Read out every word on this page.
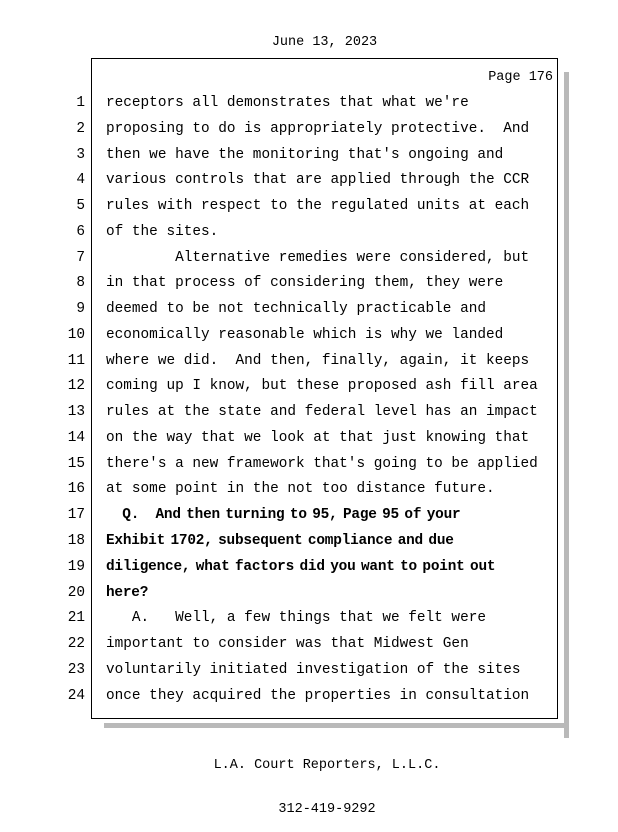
June 13, 2023
Page 176
1 receptors all demonstrates that what we're
2 proposing to do is appropriately protective.  And
3 then we have the monitoring that's ongoing and
4 various controls that are applied through the CCR
5 rules with respect to the regulated units at each
6 of the sites.
7 Alternative remedies were considered, but
8 in that process of considering them, they were
9 deemed to be not technically practicable and
10 economically reasonable which is why we landed
11 where we did.  And then, finally, again, it keeps
12 coming up I know, but these proposed ash fill area
13 rules at the state and federal level has an impact
14 on the way that we look at that just knowing that
15 there's a new framework that's going to be applied
16 at some point in the not too distance future.
17 Q.   And then turning to 95, Page 95 of your
18 Exhibit 1702, subsequent compliance and due
19 diligence, what factors did you want to point out
20 here?
21 A.   Well, a few things that we felt were
22 important to consider was that Midwest Gen
23 voluntarily initiated investigation of the sites
24 once they acquired the properties in consultation

L.A. Court Reporters, L.L.C.

312-419-9292
